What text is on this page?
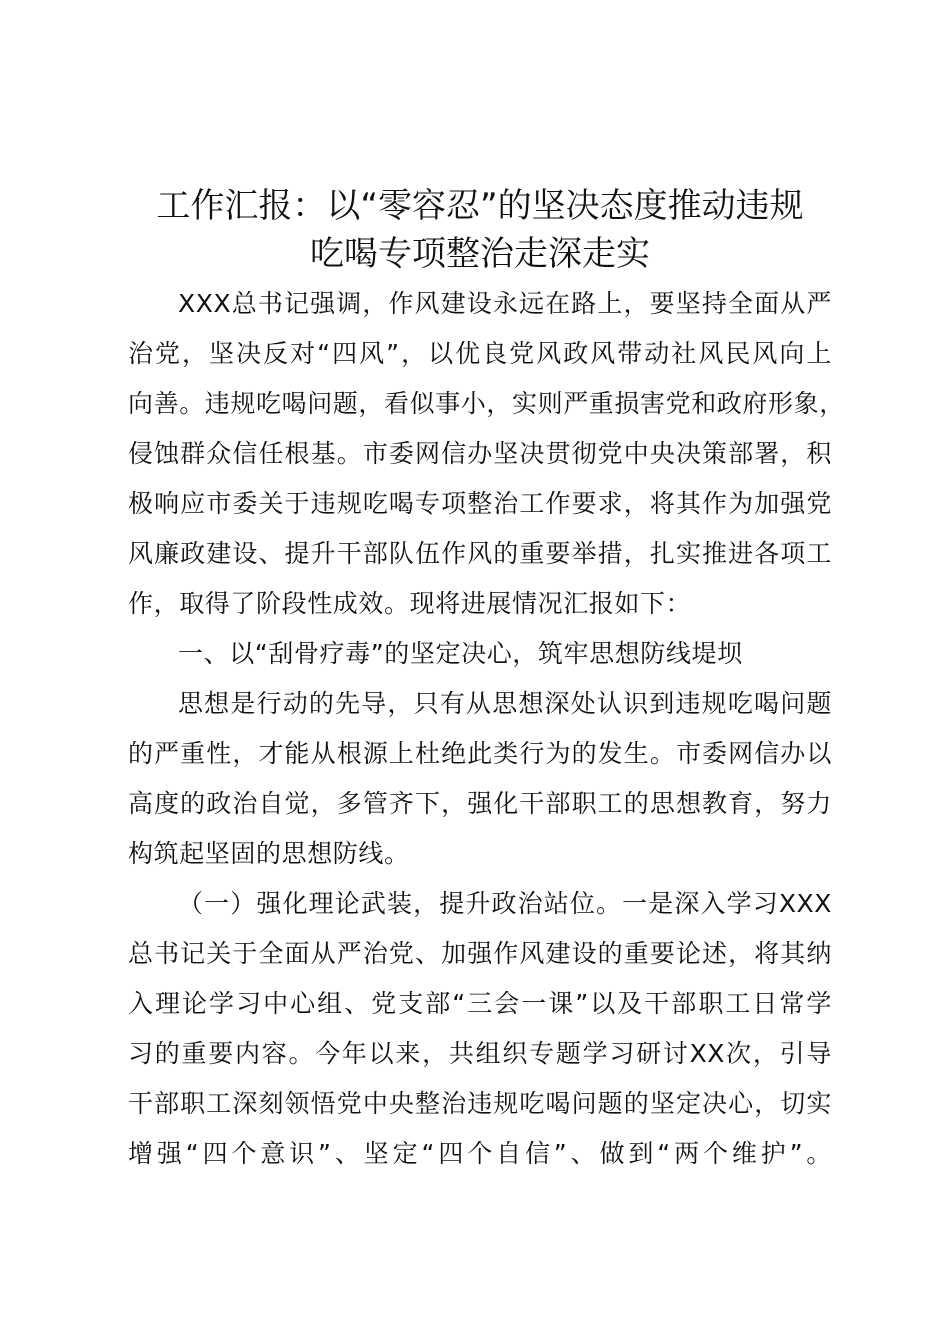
工作汇报：以“零容忍”的坚决态度推动违规
吃喝专项整治走深走实
XXX总书记强调，作风建设永远在路上，要坚持全面从严
治党，坚决反对“四风”，以优良党风政风带动社风民风向上
向善。违规吃喝问题，看似事小，实则严重损害党和政府形象，
侵蚀群众信任根基。市委网信办坚决贯彻党中央决策部署，积
极响应市委关于违规吃喝专项整治工作要求，将其作为加强党
风廉政建设、提升干部队伍作风的重要举措，扎实推进各项工
作，取得了阶段性成效。现将进展情况汇报如下：
一、以“刮骨疗毒”的坚定决心，筑牢思想防线堤坝
思想是行动的先导，只有从思想深处认识到违规吃喝问题
的严重性，才能从根源上杜绝此类行为的发生。市委网信办以
高度的政治自觉，多管齐下，强化干部职工的思想教育，努力
构筑起坚固的思想防线。
（一）强化理论武装，提升政治站位。一是深入学习XXX
总书记关于全面从严治党、加强作风建设的重要论述，将其纳
入理论学习中心组、党支部“三会一课”以及干部职工日常学
习的重要内容。今年以来，共组织专题学习研讨XX次，引导
干部职工深刻领悟党中央整治违规吃喝问题的坚定决心，切实
增强“四个意识”、坚定“四个自信”、做到“两个维护”。
